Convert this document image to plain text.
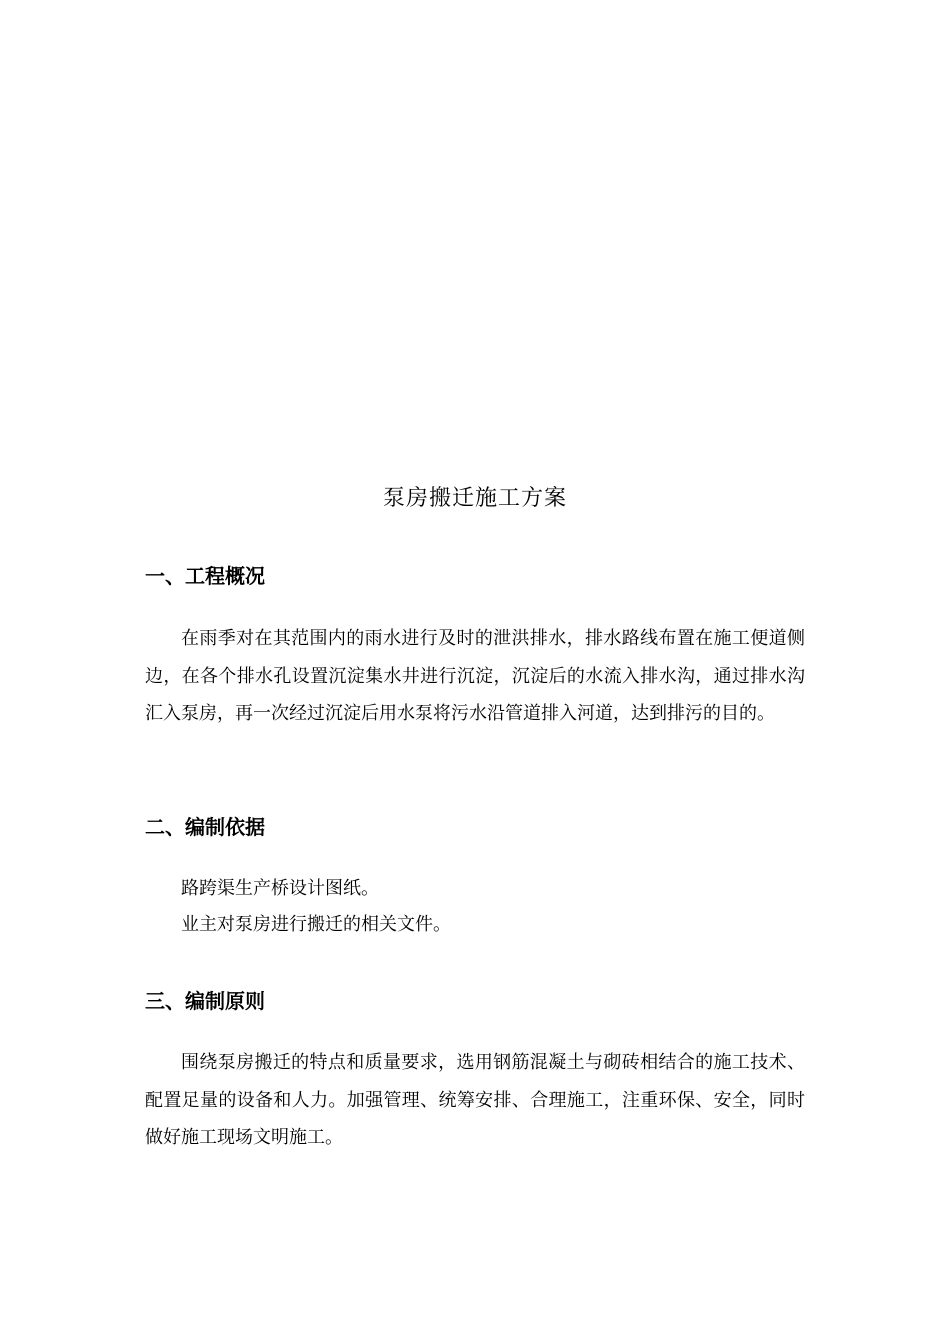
泵房搬迁施工方案
一、工程概况

在雨季对在其范围内的雨水进行及时的泄洪排水，排水路线布置在施工便道侧边，在各个排水孔设置沉淀集水井进行沉淀，沉淀后的水流入排水沟，通过排水沟汇入泵房，再一次经过沉淀后用水泵将污水沿管道排入河道，达到排污的目的。

二、编制依据

路跨渠生产桥设计图纸。

业主对泵房进行搬迁的相关文件。

三、编制原则

围绕泵房搬迁的特点和质量要求，选用钢筋混凝土与砌砖相结合的施工技术、配置足量的设备和人力。加强管理、统筹安排、合理施工，注重环保、安全，同时做好施工现场文明施工。
